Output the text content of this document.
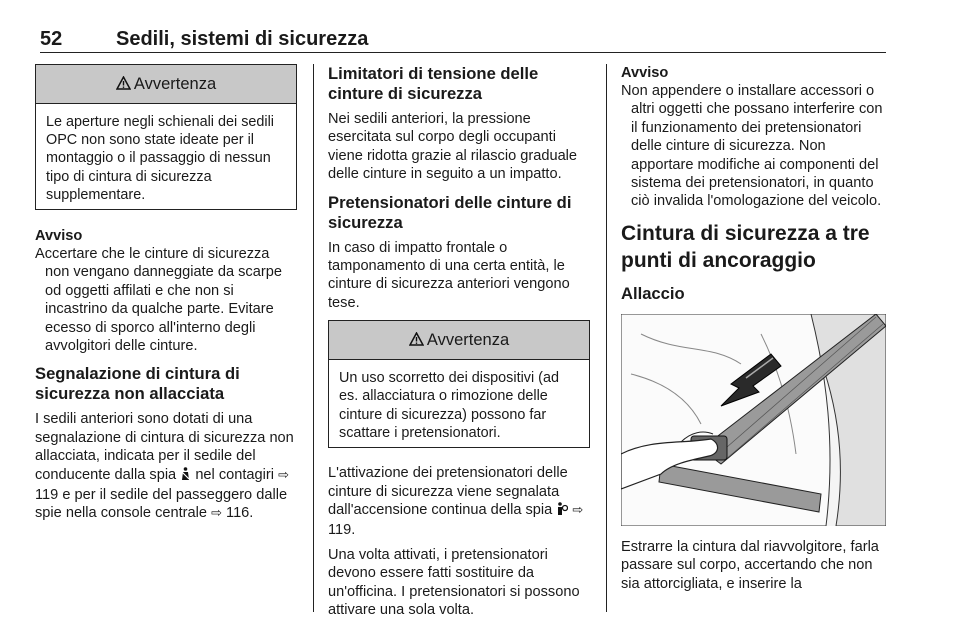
52	Sedili, sistemi di sicurezza
Avvertenza

Le aperture negli schienali dei sedili OPC non sono state ideate per il montaggio o il passaggio di nessun tipo di cintura di sicurezza supplementare.

Avviso

Accertare che le cinture di sicurezza non vengano danneggiate da scarpe od oggetti affilati e che non si incastrino da qualche parte. Evitare ecesso di sporco all'interno degli avvolgitori delle cinture.

Segnalazione di cintura di sicurezza non allacciata

I sedili anteriori sono dotati di una segnalazione di cintura di sicurezza non allacciata, indicata per il sedile del conducente dalla spia nel contagiri ⇨ 119 e per il sedile del passeggero dalle spie nella console centrale ⇨ 116.

Limitatori di tensione delle cinture di sicurezza

Nei sedili anteriori, la pressione esercitata sul corpo degli occupanti viene ridotta grazie al rilascio graduale delle cinture in seguito a un impatto.

Pretensionatori delle cinture di sicurezza

In caso di impatto frontale o tamponamento di una certa entità, le cinture di sicurezza anteriori vengono tese.

Avvertenza

Un uso scorretto dei dispositivi (ad es. allacciatura o rimozione delle cinture di sicurezza) possono far scattare i pretensionatori.

L'attivazione dei pretensionatori delle cinture di sicurezza viene segnalata dall'accensione continua della spia ⇨ 119.

Una volta attivati, i pretensionatori devono essere fatti sostituire da un'officina. I pretensionatori si possono attivare una sola volta.

Avviso

Non appendere o installare accessori o altri oggetti che possano interferire con il funzionamento dei pretensionatori delle cinture di sicurezza. Non apportare modifiche ai componenti del sistema dei pretensionatori, in quanto ciò invalida l'omologazione del veicolo.

Cintura di sicurezza a tre punti di ancoraggio
Allaccio

Estrarre la cintura dal riavvolgitore, farla passare sul corpo, accertando che non sia attorcigliata, e inserire la
